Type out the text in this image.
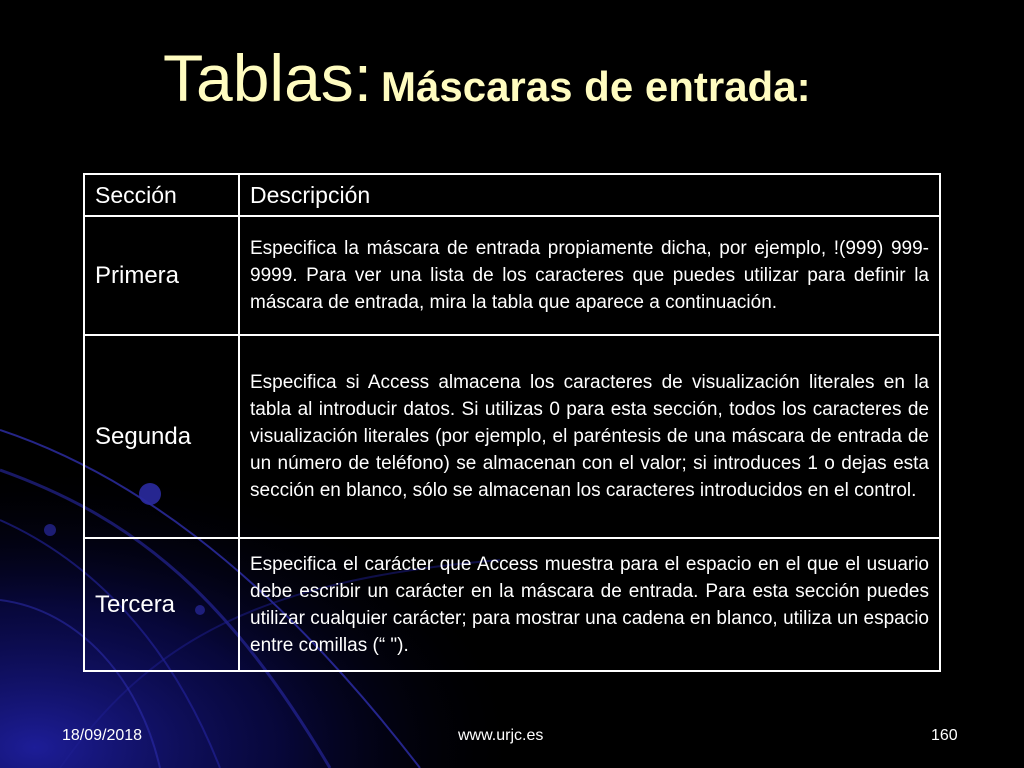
Tablas: Máscaras de entrada:
Sección	Descripción
Primera	Especifica la máscara de entrada propiamente dicha, por ejemplo, !(999) 999-9999. Para ver una lista de los caracteres que puedes utilizar para definir la máscara de entrada, mira la tabla que aparece a continuación.
Segunda	Especifica si Access almacena los caracteres de visualización literales en la tabla al introducir datos. Si utilizas 0 para esta sección, todos los caracteres de visualización literales (por ejemplo, el paréntesis de una máscara de entrada de un número de teléfono) se almacenan con el valor; si introduces 1 o dejas esta sección en blanco, sólo se almacenan los caracteres introducidos en el control.
Tercera	Especifica el carácter que Access muestra para el espacio en el que el usuario debe escribir un carácter en la máscara de entrada. Para esta sección puedes utilizar cualquier carácter; para mostrar una cadena en blanco, utiliza un espacio entre comillas (“ ").
18/09/2018	www.urjc.es	160
